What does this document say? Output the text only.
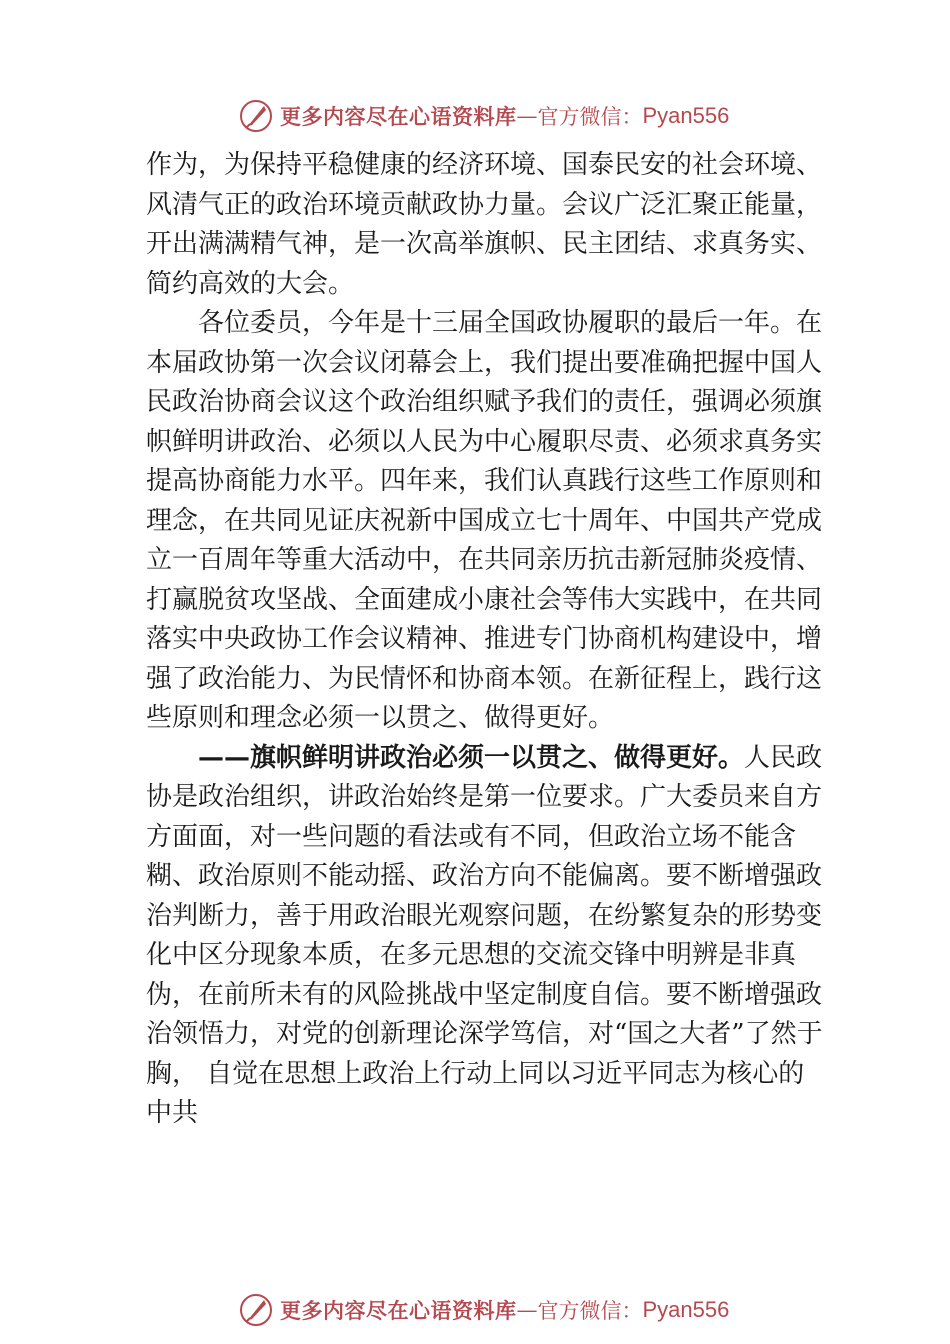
更多内容尽在心语资料库 — 官方微信： Pyan556

作为，为保持平稳健康的经济环境、国泰民安的社会环境、 风清气正的政治环境贡献政协力量。会议广泛汇聚正能量， 开出满满精气神，是一次高举旗帜、民主团结、求真务实、 简约高效的大会。

各位委员，今年是十三届全国政协履职的最后一年。在本届政协第一次会议闭幕会上，我们提出要准确把握中国人民政治协商会议这个政治组织赋予我们的责任，强调必须旗帜鲜明讲政治、必须以人民为中心履职尽责、必须求真务实提高协商能力水平。四年来，我们认真践行这些工作原则和理念，在共同见证庆祝新中国成立七十周年、中国共产党成立一百周年等重大活动中，在共同亲历抗击新冠肺炎疫情、 打赢脱贫攻坚战、全面建成小康社会等伟大实践中，在共同落实中央政协工作会议精神、推进专门协商机构建设中，增强了政治能力、为民情怀和协商本领。在新征程上，践行这些原则和理念必须一以贯之、做得更好。

——旗帜鲜明讲政治必须一以贯之、做得更好。人民政协是政治组织，讲政治始终是第一位要求。广大委员来自方方面面，对一些问题的看法或有不同，但政治立场不能含糊、政治原则不能动摇、政治方向不能偏离。要不断增强政治判断力，善于用政治眼光观察问题，在纷繁复杂的形势变化中区分现象本质，在多元思想的交流交锋中明辨是非真伪，在前所未有的风险挑战中坚定制度自信。要不断增强政治领悟力，对党的创新理论深学笃信，对“国之大者”了然于胸， 自觉在思想上政治上行动上同以习近平同志为核心的中共

更多内容尽在心语资料库 — 官方微信： Pyan556
